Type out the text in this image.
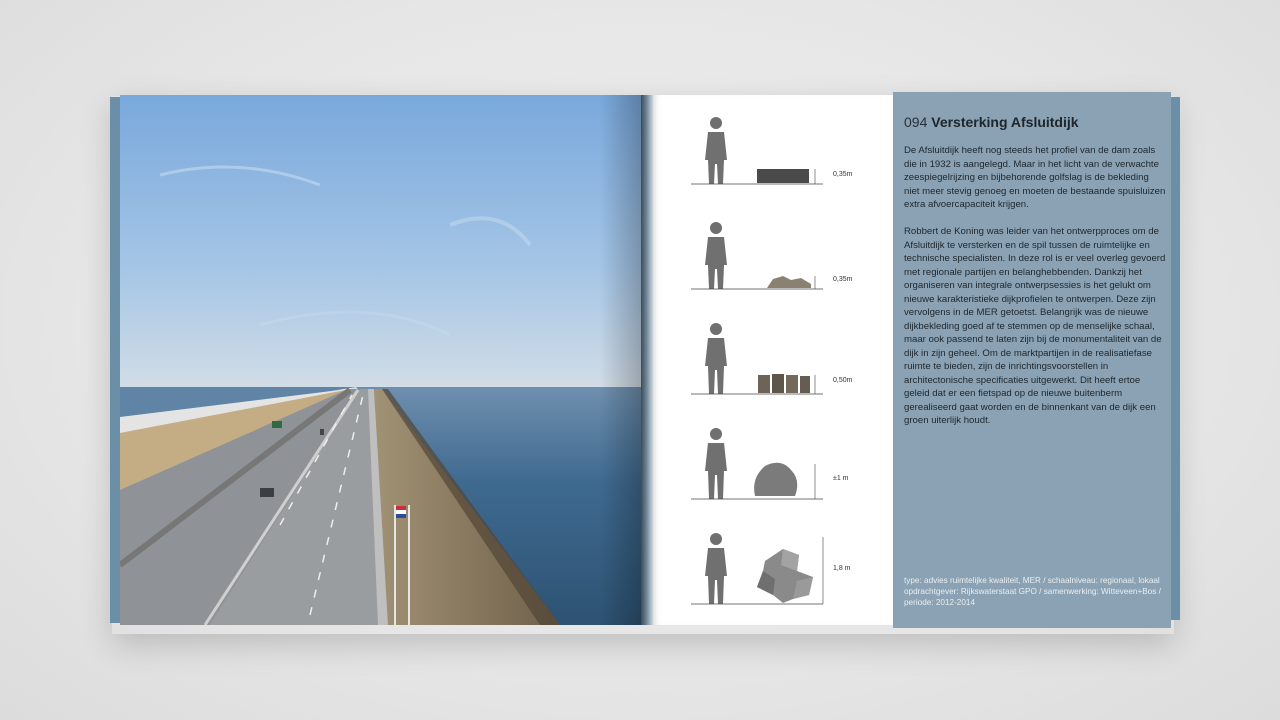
0,35m
0,35m
0,50m
±1 m
1,8 m
094 Versterking Afsluitdijk

De Afsluitdijk heeft nog steeds het profiel van de dam zoals die in 1932 is aangelegd. Maar in het licht van de verwachte zeespiegelrijzing en bijbehorende golfslag is de bekleding niet meer stevig genoeg en moeten de bestaande spuisluizen extra afvoercapaciteit krijgen.

Robbert de Koning was leider van het ontwerpproces om de Afsluitdijk te versterken en de spil tussen de ruimtelijke en technische specialisten. In deze rol is er veel overleg gevoerd met regionale partijen en belanghebbenden. Dankzij het organiseren van integrale ontwerpsessies is het gelukt om nieuwe karakteristieke dijkprofielen te ontwerpen. Deze zijn vervolgens in de MER getoetst. Belangrijk was de nieuwe dijkbekleding goed af te stemmen op de menselijke schaal, maar ook passend te laten zijn bij de monumentaliteit van de dijk in zijn geheel. Om de marktpartijen in de realisatiefase ruimte te bieden, zijn de inrichtingsvoorstellen in architectonische specificaties uitgewerkt. Dit heeft ertoe geleid dat er een fietspad op de nieuwe buitenberm gerealiseerd gaat worden en de binnenkant van de dijk een groen uiterlijk houdt.

type: advies ruimtelijke kwaliteit, MER / schaalniveau: regionaal, lokaal opdrachtgever: Rijkswaterstaat GPO / samenwerking: Witteveen+Bos / periode: 2012-2014
